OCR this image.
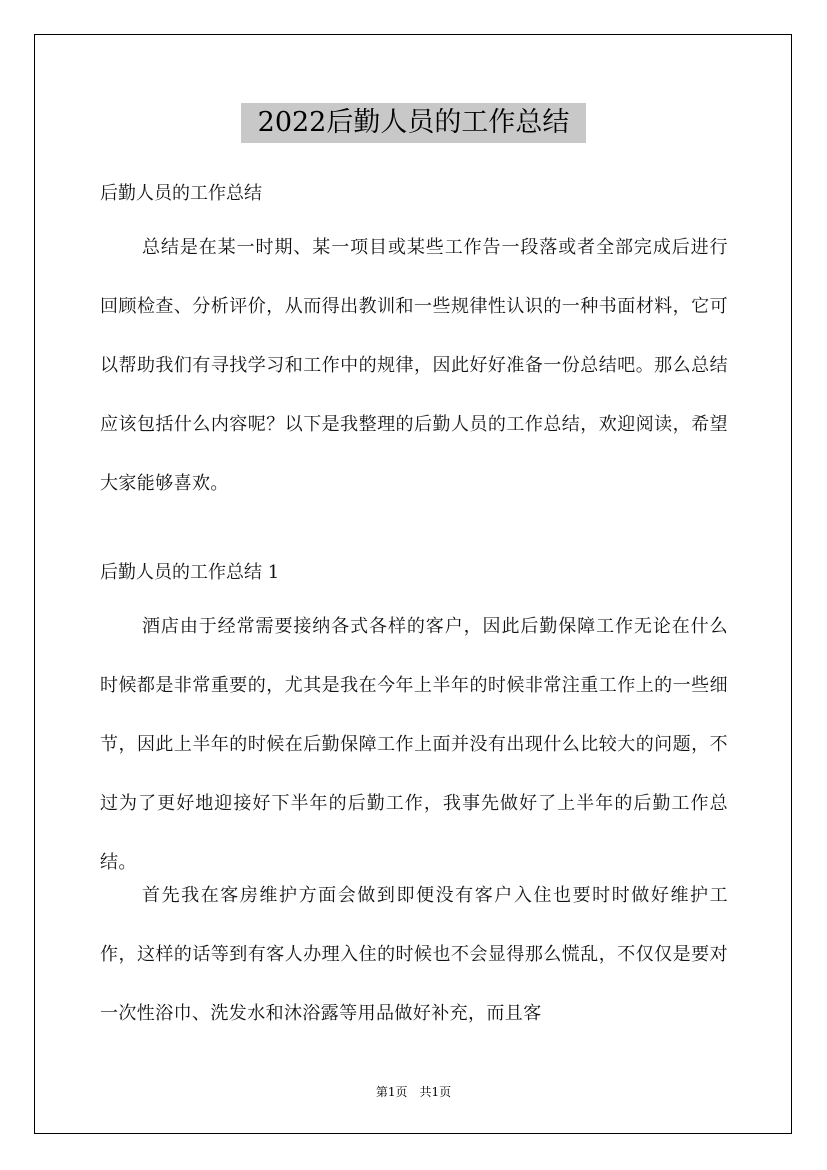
2022后勤人员的工作总结

后勤人员的工作总结

总结是在某一时期、某一项目或某些工作告一段落或者全部完成后进行回顾检查、分析评价，从而得出教训和一些规律性认识的一种书面材料，它可以帮助我们有寻找学习和工作中的规律，因此好好准备一份总结吧。那么总结应该包括什么内容呢？以下是我整理的后勤人员的工作总结，欢迎阅读，希望大家能够喜欢。

后勤人员的工作总结 1

酒店由于经常需要接纳各式各样的客户，因此后勤保障工作无论在什么时候都是非常重要的，尤其是我在今年上半年的时候非常注重工作上的一些细节，因此上半年的时候在后勤保障工作上面并没有出现什么比较大的问题，不过为了更好地迎接好下半年的后勤工作，我事先做好了上半年的后勤工作总结。

首先我在客房维护方面会做到即便没有客户入住也要时时做好维护工作，这样的话等到有客人办理入住的时候也不会显得那么慌乱，不仅仅是要对一次性浴巾、洗发水和沐浴露等用品做好补充，而且客

第1页　共1页
